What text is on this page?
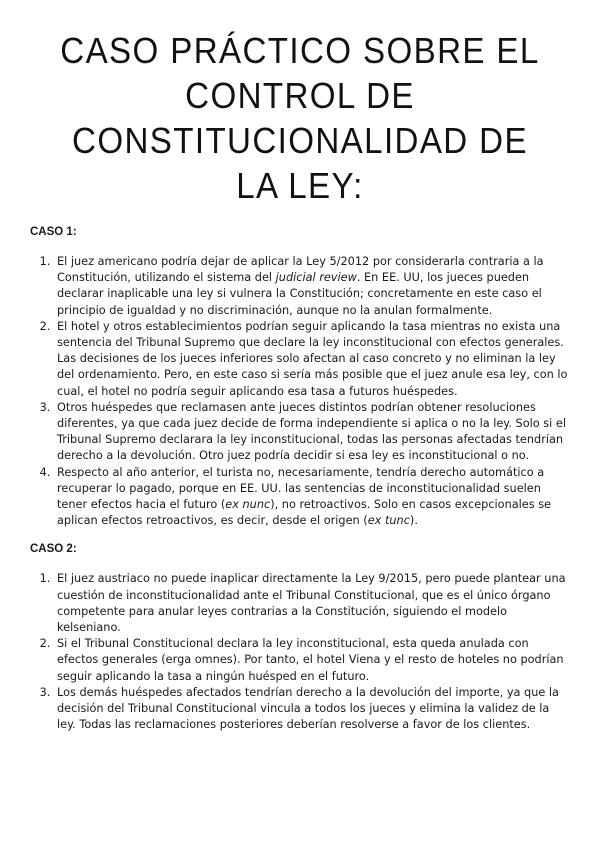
CASO PRÁCTICO SOBRE EL CONTROL DE CONSTITUCIONALIDAD DE LA LEY:
CASO 1:
1. El juez americano podría dejar de aplicar la Ley 5/2012 por considerarla contraria a la Constitución, utilizando el sistema del judicial review. En EE. UU, los jueces pueden declarar inaplicable una ley si vulnera la Constitución; concretamente en este caso el principio de igualdad y no discriminación, aunque no la anulan formalmente.
2. El hotel y otros establecimientos podrían seguir aplicando la tasa mientras no exista una sentencia del Tribunal Supremo que declare la ley inconstitucional con efectos generales. Las decisiones de los jueces inferiores solo afectan al caso concreto y no eliminan la ley del ordenamiento. Pero, en este caso si sería más posible que el juez anule esa ley, con lo cual, el hotel no podría seguir aplicando esa tasa a futuros huéspedes.
3. Otros huéspedes que reclamasen ante jueces distintos podrían obtener resoluciones diferentes, ya que cada juez decide de forma independiente si aplica o no la ley. Solo si el Tribunal Supremo declarara la ley inconstitucional, todas las personas afectadas tendrían derecho a la devolución. Otro juez podría decidir si esa ley es inconstitucional o no.
4. Respecto al año anterior, el turista no, necesariamente, tendría derecho automático a recuperar lo pagado, porque en EE. UU. las sentencias de inconstitucionalidad suelen tener efectos hacia el futuro (ex nunc), no retroactivos. Solo en casos excepcionales se aplican efectos retroactivos, es decir, desde el origen (ex tunc).
CASO 2:
1. El juez austriaco no puede inaplicar directamente la Ley 9/2015, pero puede plantear una cuestión de inconstitucionalidad ante el Tribunal Constitucional, que es el único órgano competente para anular leyes contrarias a la Constitución, siguiendo el modelo kelseniano.
2. Si el Tribunal Constitucional declara la ley inconstitucional, esta queda anulada con efectos generales (erga omnes). Por tanto, el hotel Viena y el resto de hoteles no podrían seguir aplicando la tasa a ningún huésped en el futuro.
3. Los demás huéspedes afectados tendrían derecho a la devolución del importe, ya que la decisión del Tribunal Constitucional vincula a todos los jueces y elimina la validez de la ley. Todas las reclamaciones posteriores deberían resolverse a favor de los clientes.
